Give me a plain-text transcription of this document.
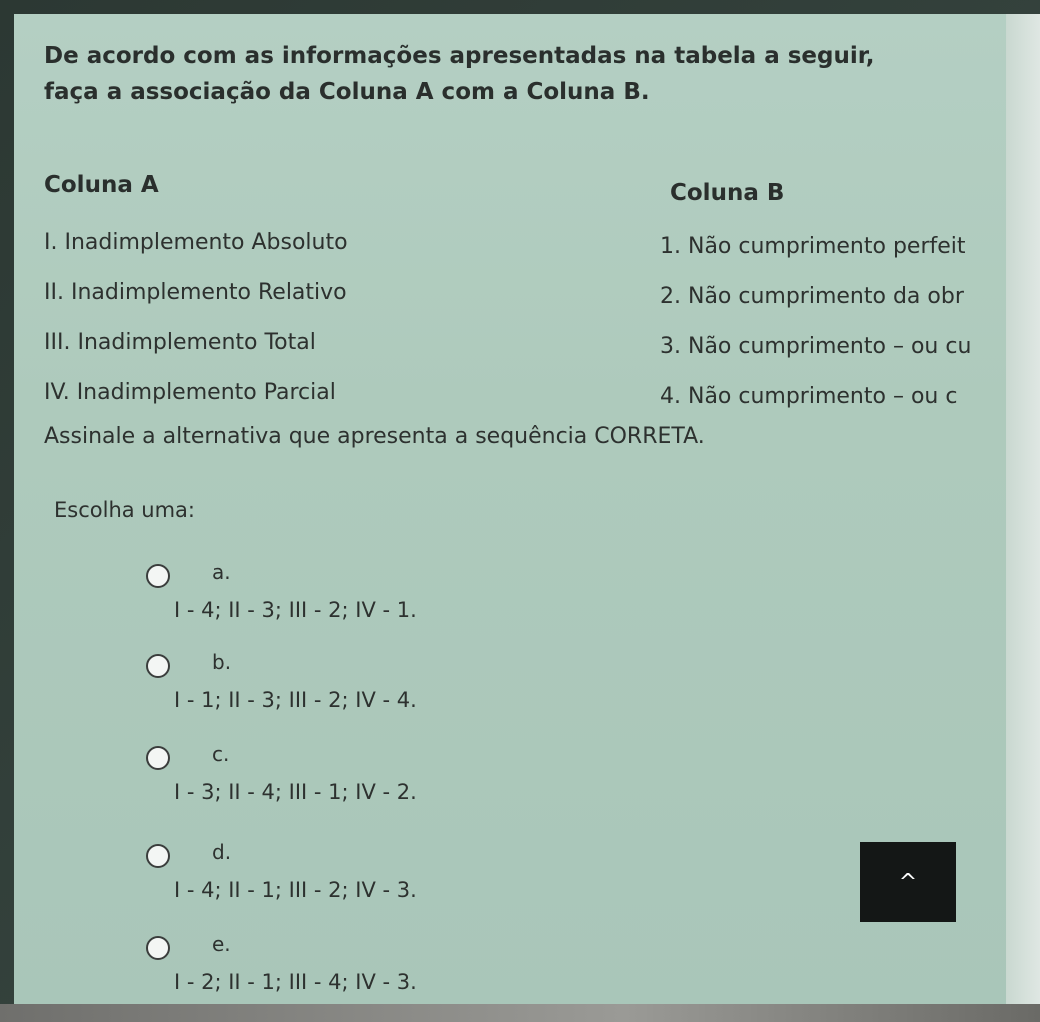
De acordo com as informações apresentadas na tabela a seguir,
faça a associação da Coluna A com a Coluna B.
Coluna A	Coluna B
I. Inadimplemento Absoluto
II. Inadimplemento Relativo
III. Inadimplemento Total
IV. Inadimplemento Parcial
1. Não cumprimento perfeit
2. Não cumprimento da obr
3. Não cumprimento – ou cu
4. Não cumprimento – ou c
Assinale a alternativa que apresenta a sequência CORRETA.
Escolha uma:
a.
I - 4; II - 3; III - 2; IV - 1.
b.
I - 1; II - 3; III - 2; IV - 4.
c.
I - 3; II - 4; III - 1; IV - 2.
d.
I - 4; II - 1; III - 2; IV - 3.
e.
I - 2; II - 1; III - 4; IV - 3.
^
